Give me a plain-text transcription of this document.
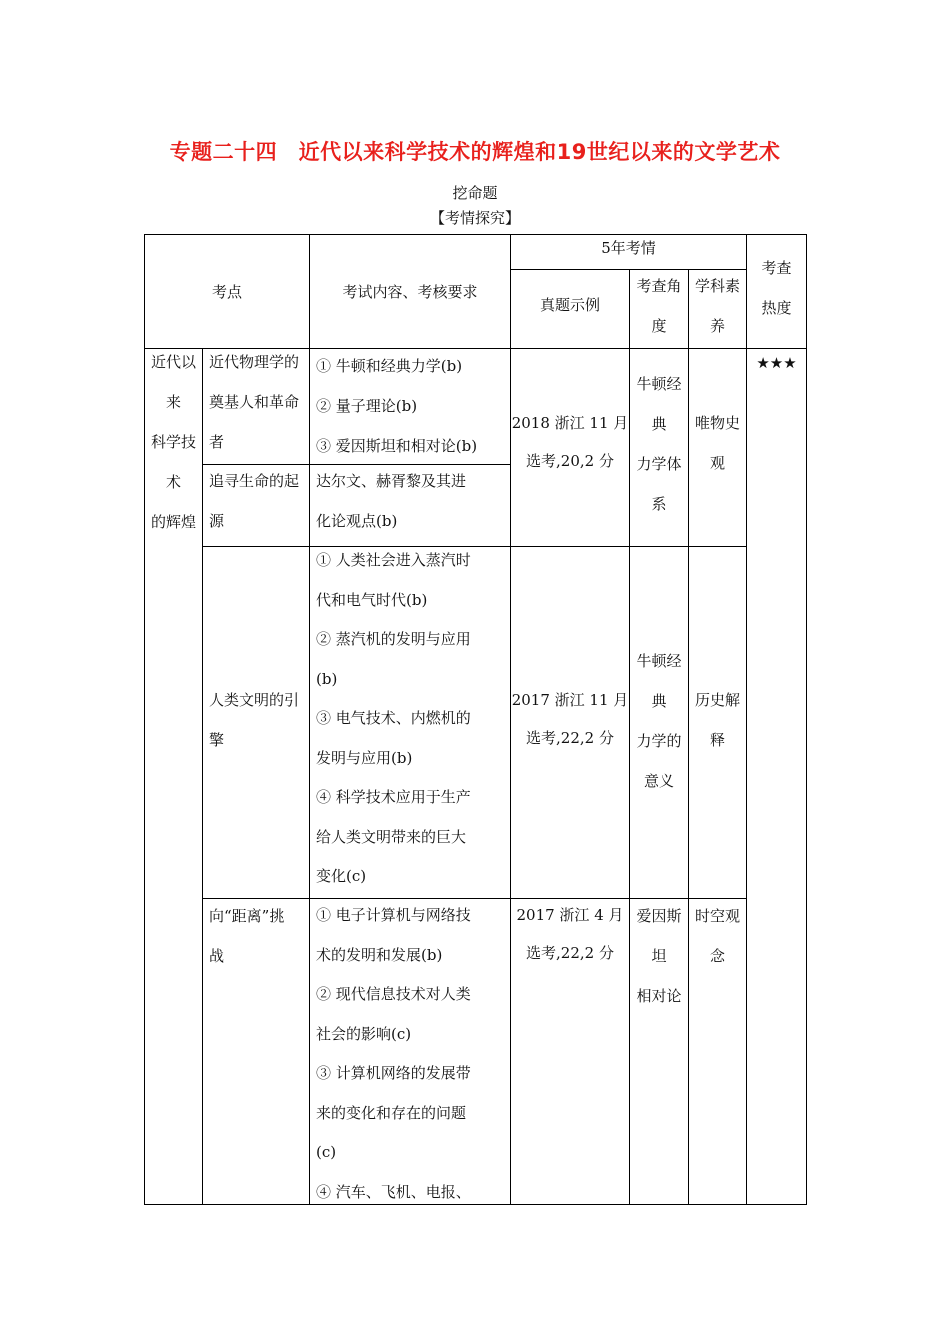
专题二十四　近代以来科学技术的辉煌和19世纪以来的文学艺术
挖命题
【考情探究】
考点	考试内容、考核要求
5年考情
真题示例
考查角
度
学科素
养
考查
热度
近代以
来
科学技
术
的辉煌
★★★
近代物理学的
奠基人和革命
者
① 牛顿和经典力学(b)
② 量子理论(b)
③ 爱因斯坦和相对论(b)
追寻生命的起
源
达尔文、赫胥黎及其进
化论观点(b)
2018 浙江 11 月
选考,20,2 分
牛顿经
典
力学体
系
唯物史
观
人类文明的引
擎
① 人类社会进入蒸汽时
代和电气时代(b)
② 蒸汽机的发明与应用
(b)
③ 电气技术、内燃机的
发明与应用(b)
④ 科学技术应用于生产
给人类文明带来的巨大
变化(c)
2017 浙江 11 月
选考,22,2 分
牛顿经
典
力学的
意义
历史解
释
向“距离”挑
战
① 电子计算机与网络技
术的发明和发展(b)
② 现代信息技术对人类
社会的影响(c)
③ 计算机网络的发展带
来的变化和存在的问题
(c)
④ 汽车、飞机、电报、
2017 浙江 4 月
选考,22,2 分
爱因斯
坦
相对论
时空观
念
